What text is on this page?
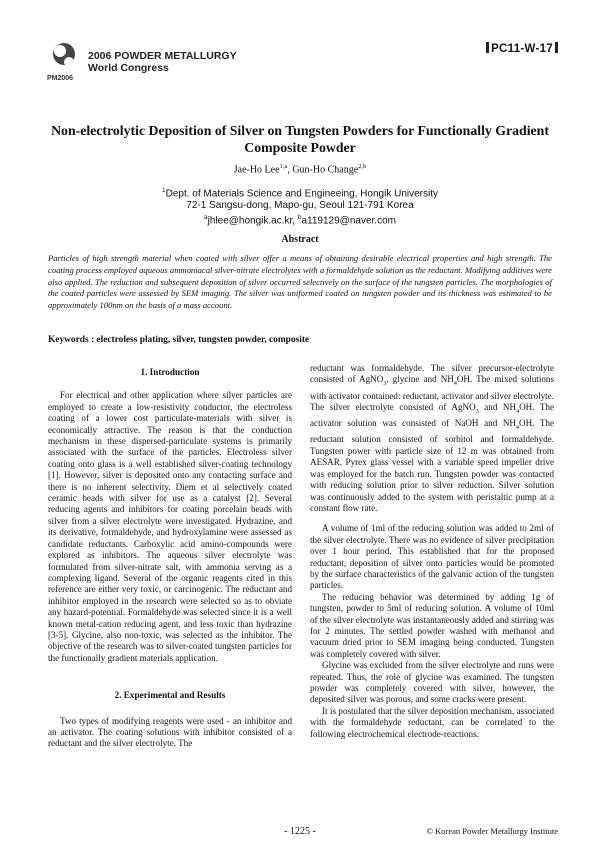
PM2006
2006 POWDER METALLURGY
World Congress
PC11-W-17
Non-electrolytic Deposition of Silver on Tungsten Powders for Functionally Gradient Composite Powder
Jae-Ho Lee$^{1,a}$, Gun-Ho Change$^{2,b}$
$^1$Dept. of Materials Science and Engineeing, Hongik University
72-1 Sangsu-dong, Mapo-gu, Seoul 121-791 Korea
$^a$jhlee@hongik.ac.kr, $^b$a119129@naver.com
Abstract

Particles of high strength material when coated with silver offer a means of obtaining desirable electrical properties and high strength. The coating process employed aqueous ammoniacal silver-nitrate electrolytes with a formaldehyde solution as the reductant. Modifying additives were also applied. The reduction and subsequent deposition of silver occurred selectively on the surface of the tungsten particles. The morphologies of the coated particles were assessed by SEM imaging. The silver was uniformed coated on tungsten powder and its thickness was estimated to be approximately 100nm on the basis of a mass account.

Keywords : electroless plating, silver, tungsten powder, composite
1. Introduction

For electrical and other application where silver particles are employed to create a low-resistivity conductor, the electroless coating of a lower cost particulate-materials with silver is economically attractive. The reason is that the conduction mechanism in these dispersed-particulate systems is primarily associated with the surface of the particles. Electroless silver coating onto glass is a well established silver-coating technology [1]. However, silver is deposited onto any contacting surface and there is no inherent selectivity. Diem et al selectively coated ceramic beads with silver for use as a catalyst [2]. Several reducing agents and inhibitors for coating porcelain beads with silver from a silver electrolyte were investigated. Hydrazine, and its derivative, formaldehyde, and hydroxylamine were assessed as candidate reductants. Carboxylic acid amino-compounds were explored as inhibitors. The aqueous silver electrolyte was formulated from silver-nitrate salt, with ammonia serving as a complexing ligand. Several of the organic reagents cited in this reference are either very toxic, or carcinogenic. The reductant and inhibitor employed in the research were selected so as to obviate any hazard-potential. Formaldehyde was selected since it is a well known metal-cation reducing agent, and less toxic than hydrazine [3-5]. Glycine, also non-toxic, was selected as the inhibitor. The objective of the research was to silver-coated tungsten particles for the functionally gradient materials application.

2. Experimental and Results

Two types of modifying reagents were used - an inhibitor and an activator. The coating solutions with inhibitor consisted of a reductant and the silver electrolyte. The

reductant was formaldehyde. The silver precursor-electrolyte consisted of AgNO$_3$, glycine and $NH_4OH$. The mixed solutions with activator contained: reductant, activator and silver electrolyte. The silver electrolyte consisted of AgNO$_3$ and $NH_4OH$. The activator solution was consisted of NaOH and $NH_4OH$. The reductant solution consisted of sorbitol and formaldehyde. Tungsten power with particle size of 12 m was obtained from AESAR. Pyrex glass vessel with a variable speed impeller drive was employed for the batch run. Tungsten powder was contacted with reducing solution prior to silver reduction. Silver solution was continuously added to the system with peristaltic pump at a constant flow rate.

A volume of 1ml of the reducing solution was added to 2ml of the silver electrolyte. There was no evidence of silver precipitation over 1 hour period. This established that for the proposed reductant, deposition of silver onto particles would be promoted by the surface characteristics of the galvanic action of the tungsten particles.

The reducing behavior was determined by adding 1g of tungsten, powder to 5ml of reducing solution. A volume of 10ml of the silver electrolyte was instantaneously added and stirring was for 2 minutes. The settled powder washed with methanol and vacuum dried prior to SEM imaging being conducted. Tungsten was completely covered with silver.

Glycine was excluded from the silver electrolyte and runs were repeated. Thus, the role of glycine was examined. The tungsten powder was completely covered with silver, however, the deposited silver was porous, and some cracks were present.

It is postulated that the silver deposition mechanism, associated with the formaldehyde reductant, can be correlated to the following electrochemical electrode-reactions.

- 1225 -	© Korean Powder Metallurgy Institute
